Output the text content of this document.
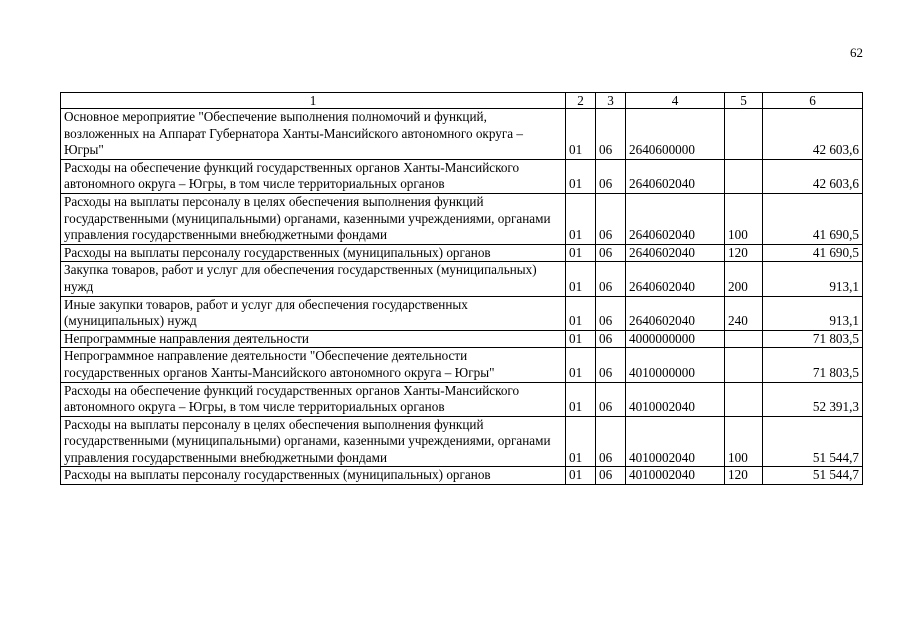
62
1	2	3	4	5	6
Основное мероприятие "Обеспечение выполнения полномочий и функций, возложенных на Аппарат Губернатора Ханты-Мансийского автономного округа – Югры"	01	06	2640600000		42 603,6
Расходы на обеспечение функций государственных органов Ханты-Мансийского автономного округа – Югры, в том числе территориальных органов	01	06	2640602040		42 603,6
Расходы на выплаты персоналу в целях обеспечения выполнения функций государственными (муниципальными) органами, казенными учреждениями, органами управления государственными внебюджетными фондами	01	06	2640602040	100	41 690,5
Расходы на выплаты персоналу государственных (муниципальных) органов	01	06	2640602040	120	41 690,5
Закупка товаров, работ и услуг для обеспечения государственных (муниципальных) нужд	01	06	2640602040	200	913,1
Иные закупки товаров, работ и услуг для обеспечения государственных (муниципальных) нужд	01	06	2640602040	240	913,1
Непрограммные направления деятельности	01	06	4000000000		71 803,5
Непрограммное направление деятельности "Обеспечение деятельности государственных органов Ханты-Мансийского автономного округа – Югры"	01	06	4010000000		71 803,5
Расходы на обеспечение функций государственных органов Ханты-Мансийского автономного округа – Югры, в том числе территориальных органов	01	06	4010002040		52 391,3
Расходы на выплаты персоналу в целях обеспечения выполнения функций государственными (муниципальными) органами, казенными учреждениями, органами управления государственными внебюджетными фондами	01	06	4010002040	100	51 544,7
Расходы на выплаты персоналу государственных (муниципальных) органов	01	06	4010002040	120	51 544,7
